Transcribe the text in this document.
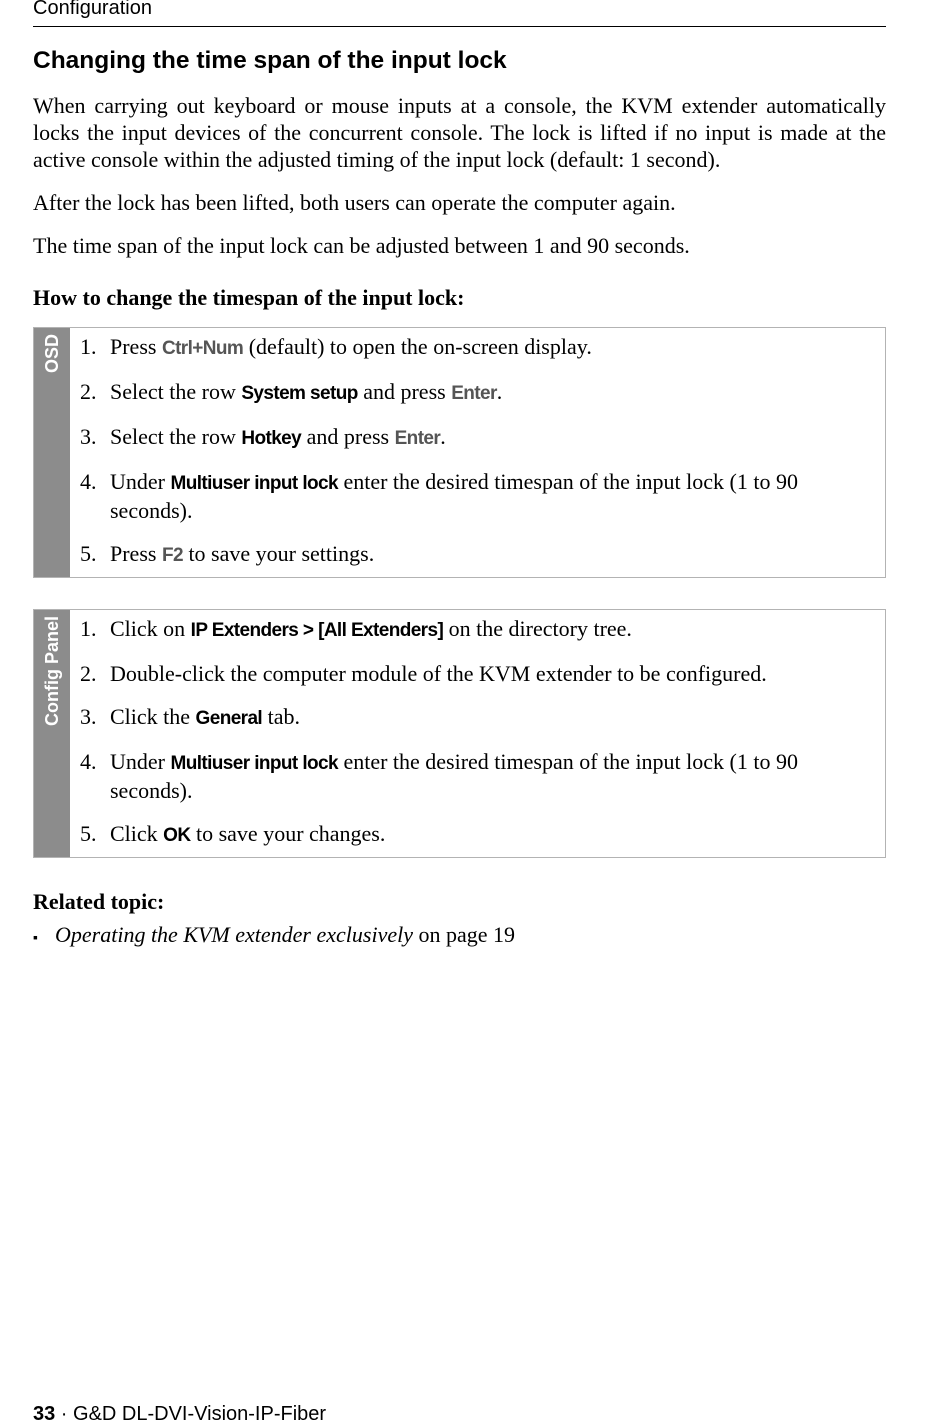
Configuration
Changing the time span of the input lock

When carrying out keyboard or mouse inputs at a console, the KVM extender automatically locks the input devices of the concurrent console. The lock is lifted if no input is made at the active console within the adjusted timing of the input lock (default: 1 second).

After the lock has been lifted, both users can operate the computer again.

The time span of the input lock can be adjusted between 1 and 90 seconds.

How to change the timespan of the input lock:

OSD 1. Press Ctrl+Num (default) to open the on-screen display.
2. Select the row System setup and press Enter.
3. Select the row Hotkey and press Enter.
4. Under Multiuser input lock enter the desired timespan of the input lock (1 to 90 seconds).
5. Press F2 to save your settings.
Config Panel 1. Click on IP Extenders > [All Extenders] on the directory tree.
2. Double-click the computer module of the KVM extender to be configured.
3. Click the General tab.
4. Under Multiuser input lock enter the desired timespan of the input lock (1 to 90 seconds).
5. Click OK to save your changes.

Related topic:

▪ Operating the KVM extender exclusively on page 19
33 · G&D DL-DVI-Vision-IP-Fiber
